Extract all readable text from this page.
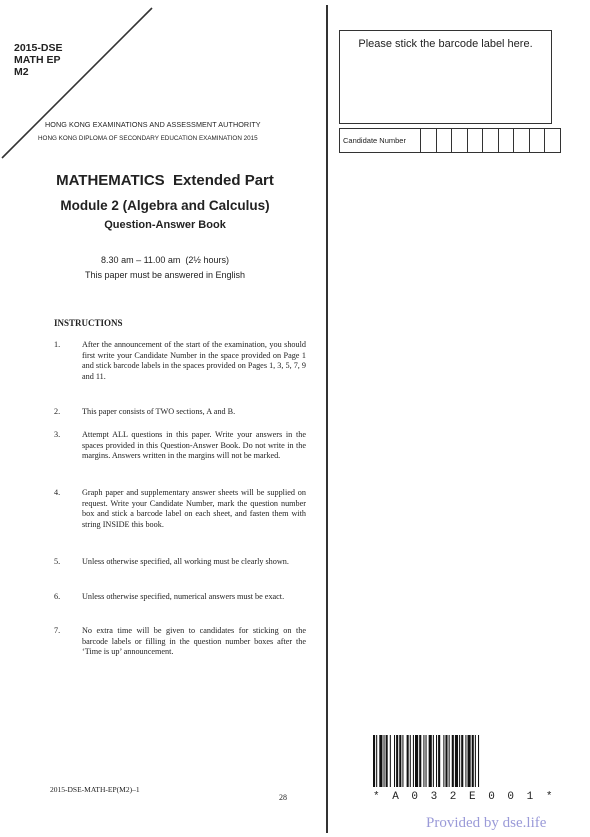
2015-DSE
MATH EP
M2
HONG KONG EXAMINATIONS AND ASSESSMENT AUTHORITY
HONG KONG DIPLOMA OF SECONDARY EDUCATION EXAMINATION 2015
MATHEMATICS  Extended Part
Module 2 (Algebra and Calculus)
Question-Answer Book
8.30 am – 11.00 am  (2½ hours)
This paper must be answered in English
INSTRUCTIONS
1.	After the announcement of the start of the examination, you should first write your Candidate Number in the space provided on Page 1 and stick barcode labels in the spaces provided on Pages 1, 3, 5, 7, 9 and 11.
2.	This paper consists of TWO sections, A and B.
3.	Attempt ALL questions in this paper. Write your answers in the spaces provided in this Question-Answer Book. Do not write in the margins. Answers written in the margins will not be marked.
4.	Graph paper and supplementary answer sheets will be supplied on request. Write your Candidate Number, mark the question number box and stick a barcode label on each sheet, and fasten them with string INSIDE this book.
5.	Unless otherwise specified, all working must be clearly shown.
6.	Unless otherwise specified, numerical answers must be exact.
7.	No extra time will be given to candidates for sticking on the barcode labels or filling in the question number boxes after the ‘Time is up’ announcement.
2015-DSE-MATH-EP(M2)–1
28
Please stick the barcode label here.
Candidate Number
* A 0 3 2 E 0 0 1 *
Provided by dse.life
